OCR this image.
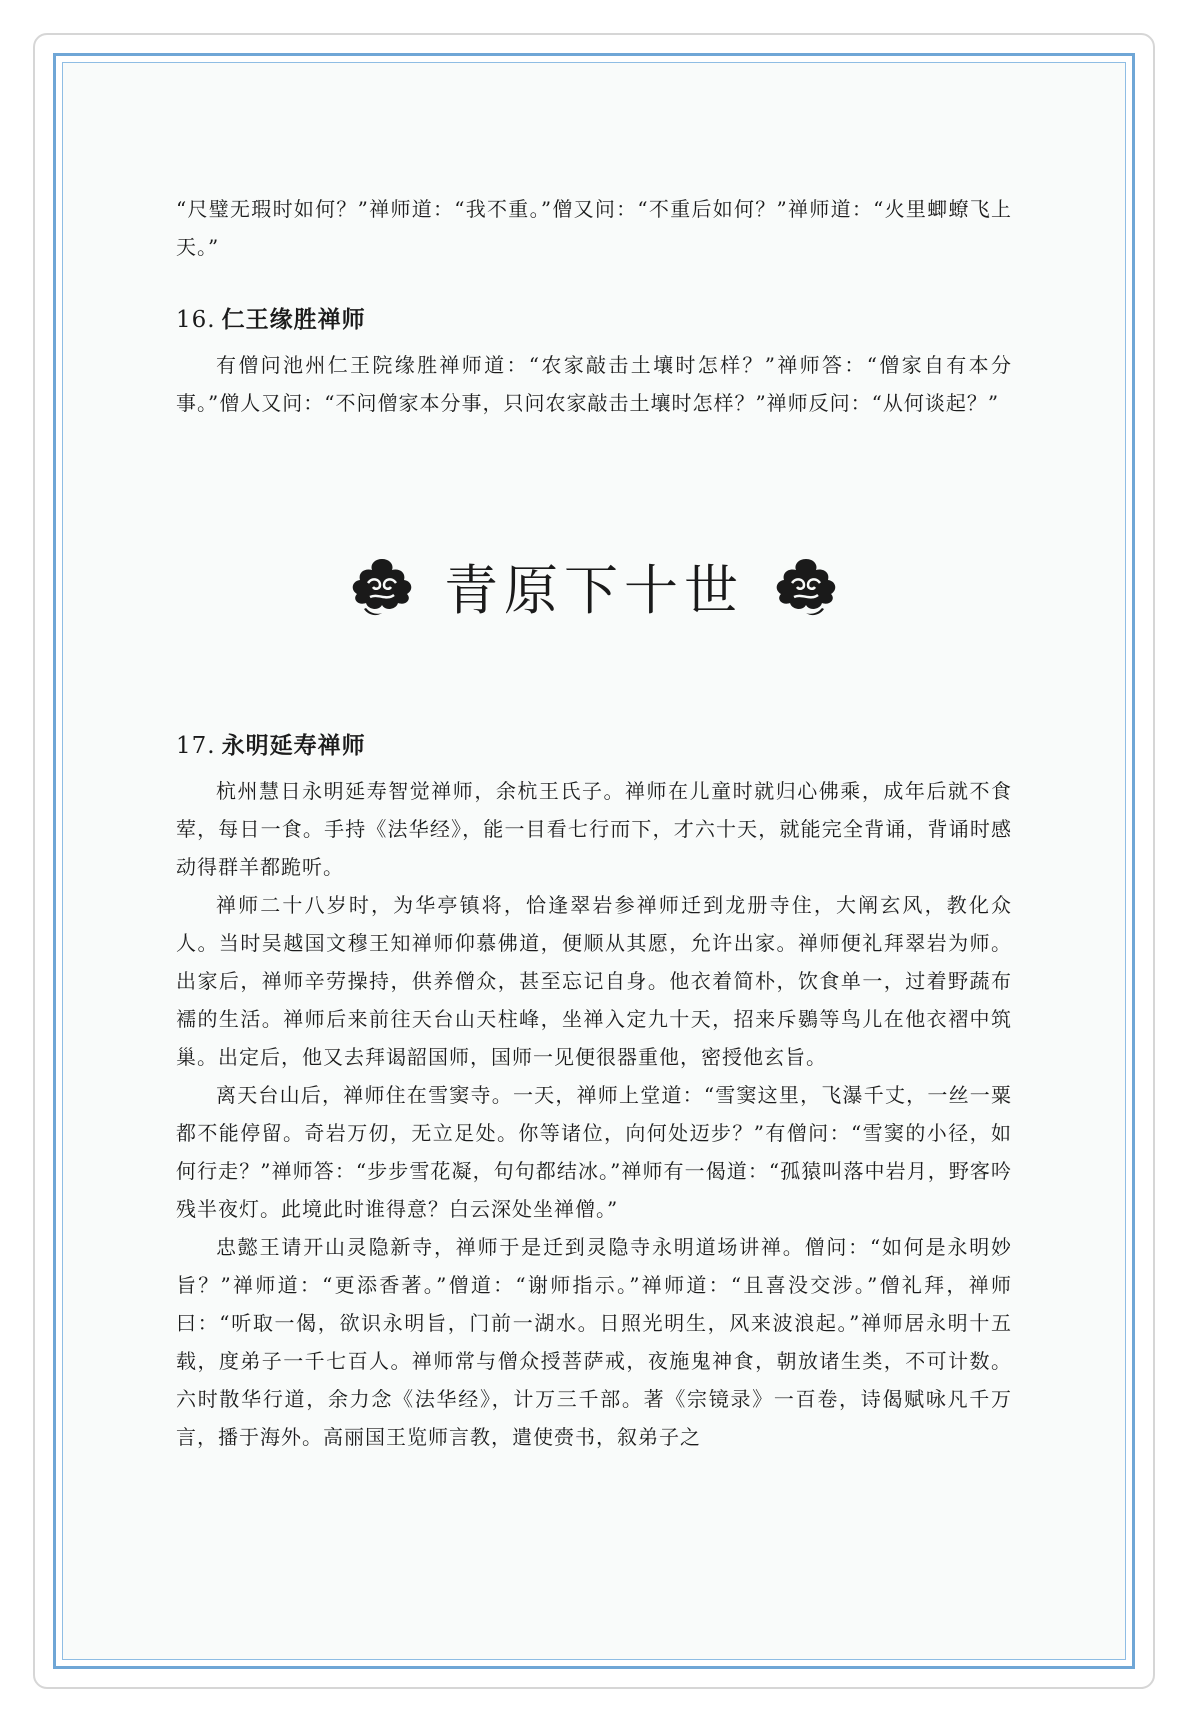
“尺璧无瑕时如何？”禅师道：“我不重。”僧又问：“不重后如何？”禅师道：“火里蝍蟟飞上天。”

16. 仁王缘胜禅师

有僧问池州仁王院缘胜禅师道：“农家敲击土壤时怎样？”禅师答：“僧家自有本分事。”僧人又问：“不问僧家本分事，只问农家敲击土壤时怎样？”禅师反问：“从何谈起？”

青原下十世
17. 永明延寿禅师

杭州慧日永明延寿智觉禅师，余杭王氏子。禅师在儿童时就归心佛乘，成年后就不食荤，每日一食。手持《法华经》，能一目看七行而下，才六十天，就能完全背诵，背诵时感动得群羊都跪听。

禅师二十八岁时，为华亭镇将，恰逢翠岩参禅师迁到龙册寺住，大阐玄风，教化众人。当时吴越国文穆王知禅师仰慕佛道，便顺从其愿，允许出家。禅师便礼拜翠岩为师。出家后，禅师辛劳操持，供养僧众，甚至忘记自身。他衣着简朴，饮食单一，过着野蔬布襦的生活。禅师后来前往天台山天柱峰，坐禅入定九十天，招来斥鷃等鸟儿在他衣褶中筑巢。出定后，他又去拜谒韶国师，国师一见便很器重他，密授他玄旨。

离天台山后，禅师住在雪窦寺。一天，禅师上堂道：“雪窦这里，飞瀑千丈，一丝一粟都不能停留。奇岩万仞，无立足处。你等诸位，向何处迈步？”有僧问：“雪窦的小径，如何行走？”禅师答：“步步雪花凝，句句都结冰。”禅师有一偈道：“孤猿叫落中岩月，野客吟残半夜灯。此境此时谁得意？白云深处坐禅僧。”

忠懿王请开山灵隐新寺，禅师于是迁到灵隐寺永明道场讲禅。僧问：“如何是永明妙旨？”禅师道：“更添香著。”僧道：“谢师指示。”禅师道：“且喜没交涉。”僧礼拜，禅师曰：“听取一偈，欲识永明旨，门前一湖水。日照光明生，风来波浪起。”禅师居永明十五载，度弟子一千七百人。禅师常与僧众授菩萨戒，夜施鬼神食，朝放诸生类，不可计数。六时散华行道，余力念《法华经》，计万三千部。著《宗镜录》一百卷，诗偈赋咏凡千万言，播于海外。高丽国王览师言教，遣使赍书，叙弟子之
